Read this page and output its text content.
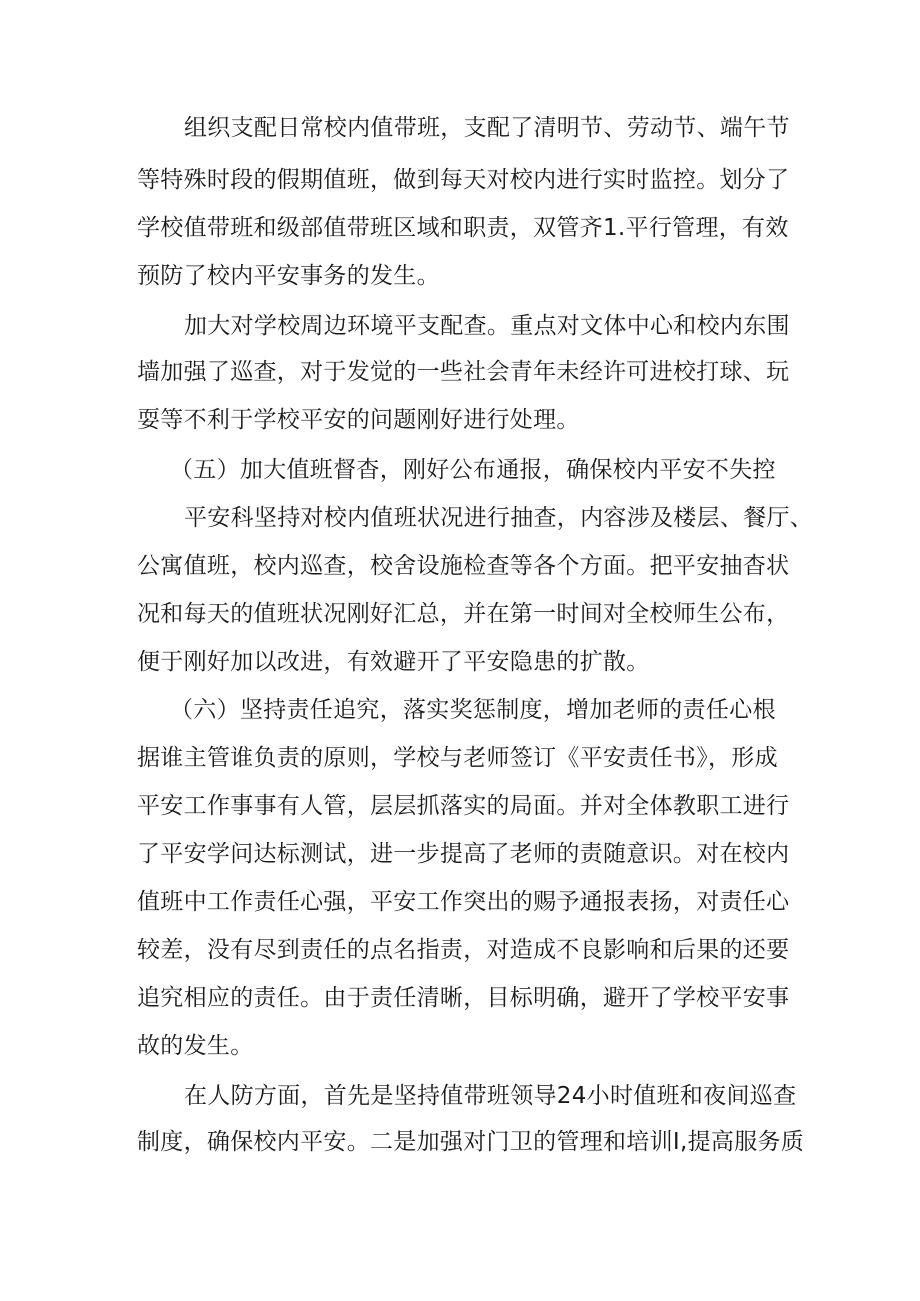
组织支配日常校内值带班，支配了清明节、劳动节、端午节
等特殊时段的假期值班，做到每天对校内进行实时监控。划分了
学校值带班和级部值带班区域和职责，双管齐1.平行管理，有效
预防了校内平安事务的发生。
加大对学校周边环境平支配查。重点对文体中心和校内东围
墙加强了巡查，对于发觉的一些社会青年未经许可进校打球、玩
耍等不利于学校平安的问题刚好进行处理。
（五）加大值班督杳，刚好公布通报，确保校内平安不失控
平安科坚持对校内值班状况进行抽查，内容涉及楼层、餐厅、
公寓值班，校内巡查，校舍设施检查等各个方面。把平安抽杳状
况和每天的值班状况刚好汇总，并在第一时间对全校师生公布，
便于刚好加以改进，有效避开了平安隐患的扩散。
（六）坚持责任追究，落实奖惩制度，增加老师的责任心根
据谁主管谁负责的原则，学校与老师签订《平安责任书》，形成
平安工作事事有人管，层层抓落实的局面。并对全体教职工进行
了平安学问达标测试，进一步提高了老师的责随意识。对在校内
值班中工作责任心强，平安工作突出的赐予通报表扬，对责任心
较差，没有尽到责任的点名指责，对造成不良影响和后果的还要
追究相应的责任。由于责任清晰，目标明确，避开了学校平安事
故的发生。
在人防方面，首先是坚持值带班领导24小时值班和夜间巡查
制度，确保校内平安。二是加强对门卫的管理和培训I,提高服务质
